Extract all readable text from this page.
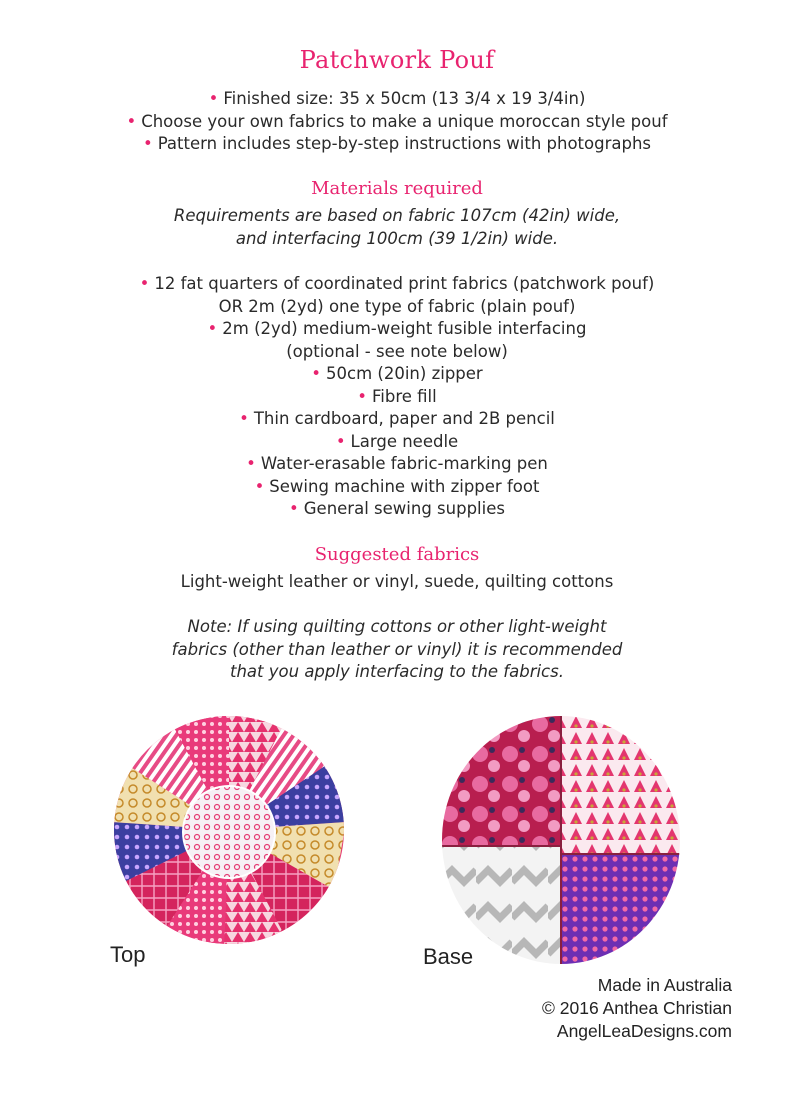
Patchwork Pouf
• Finished size: 35 x 50cm (13 3/4 x 19 3/4in)
• Choose your own fabrics to make a unique moroccan style pouf
• Pattern includes step-by-step instructions with photographs
Materials required
Requirements are based on fabric 107cm (42in) wide,
and interfacing 100cm (39 1/2in) wide.
• 12 fat quarters of coordinated print fabrics (patchwork pouf)
OR 2m (2yd) one type of fabric (plain pouf)
• 2m (2yd) medium-weight fusible interfacing
(optional - see note below)
• 50cm (20in) zipper
• Fibre fill
• Thin cardboard, paper and 2B pencil
• Large needle
• Water-erasable fabric-marking pen
• Sewing machine with zipper foot
• General sewing supplies
Suggested fabrics
Light-weight leather or vinyl, suede, quilting cottons
Note: If using quilting cottons or other light-weight
fabrics (other than leather or vinyl) it is recommended
that you apply interfacing to the fabrics.
Top	Base
Made in Australia
© 2016 Anthea Christian
AngelLeaDesigns.com
